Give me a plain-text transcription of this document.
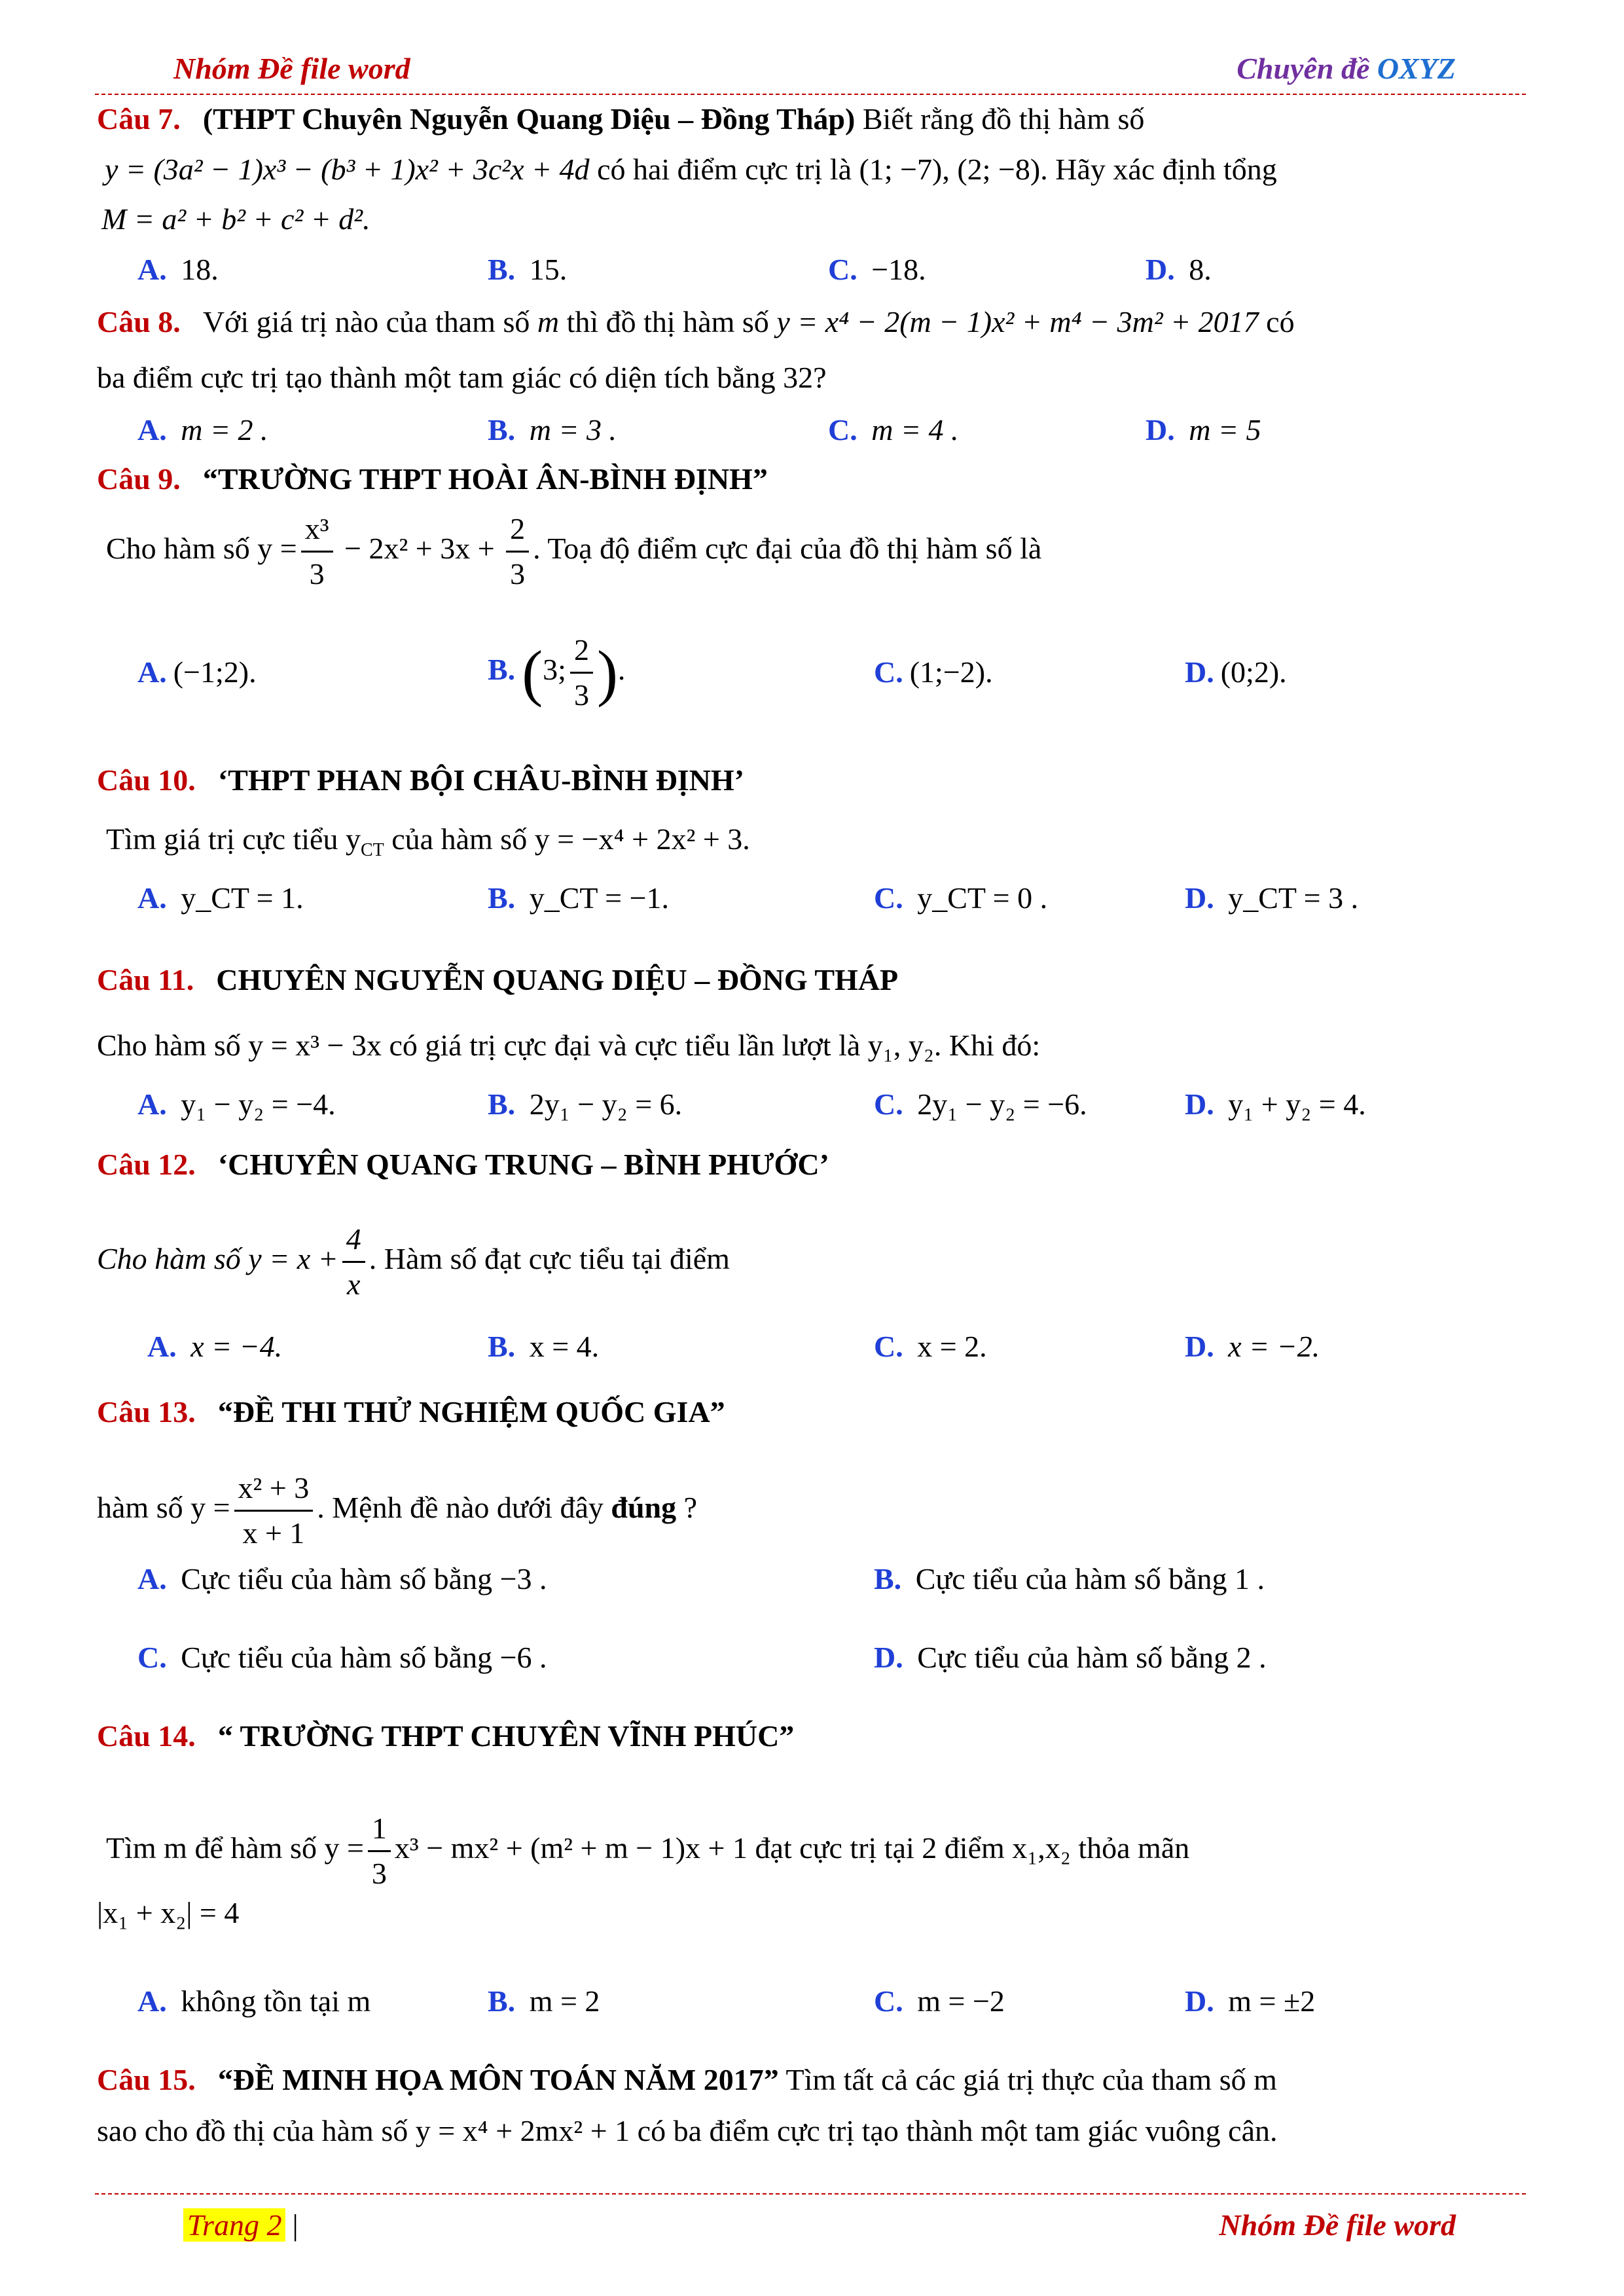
Nhóm Đề file word	Chuyên đề OXYZ
Câu 7. (THPT Chuyên Nguyễn Quang Diệu – Đồng Tháp) Biết rằng đồ thị hàm số
y = (3a² − 1)x³ − (b³ + 1)x² + 3c²x + 4d có hai điểm cực trị là (1; −7), (2; −8). Hãy xác định tổng
M = a² + b² + c² + d².
A. 18.	B. 15.	C. −18.	D. 8.
Câu 8. Với giá trị nào của tham số m thì đồ thị hàm số y = x⁴ − 2(m − 1)x² + m⁴ − 3m² + 2017 có
ba điểm cực trị tạo thành một tam giác có diện tích bằng 32?
A. m = 2 .	B. m = 3 .	C. m = 4 .	D. m = 5
Câu 9. “TRƯỜNG THPT HOÀI ÂN-BÌNH ĐỊNH”
Cho hàm số $y = \frac{\text{x³}}{3} - 2x^2 + 3x + \frac{2}{3}$ . Toạ độ điểm cực đại của đồ thị hàm số là
A. (−1;2).	B. (3; $\frac{2}{3}$ ).	C. (1;−2).	D. (0;2).
Câu 10. ‘THPT PHAN BỘI CHÂU-BÌNH ĐỊNH’
Tìm giá trị cực tiểu $y_{CT}$ của hàm số y = −x⁴ + 2x² + 3.
A. y_CT = 1.	B. y_CT = −1.	C. y_CT = 0 .	D. y_CT = 3 .
Câu 11. CHUYÊN NGUYỄN QUANG DIỆU – ĐỒNG THÁP
Cho hàm số y = x³ − 3x có giá trị cực đại và cực tiểu lần lượt là y₁, y₂. Khi đó:
A. y₁ − y₂ = −4.	B. 2y₁ − y₂ = 6.	C. 2y₁ − y₂ = −6.	D. y₁ + y₂ = 4.
Câu 12. ‘CHUYÊN QUANG TRUNG – BÌNH PHƯỚC’
Cho hàm số $y = x + \frac{4}{x}$ . Hàm số đạt cực tiểu tại điểm
A. x = −4.	B. x = 4.	C. x = 2.	D. x = −2.
Câu 13. “ĐỀ THI THỬ NGHIỆM QUỐC GIA”
hàm số $y = \frac{\text{x² + 3}}{x + 1}$ . Mệnh đề nào dưới đây đúng ?
A. Cực tiểu của hàm số bằng −3 .	B. Cực tiểu của hàm số bằng 1 .
C. Cực tiểu của hàm số bằng −6 .	D. Cực tiểu của hàm số bằng 2 .
Câu 14. “ TRƯỜNG THPT CHUYÊN VĨNH PHÚC”
Tìm m để hàm số $y = \frac{1}{3} x^3 - mx^2 + (m^2 + m - 1)x + 1$ đạt cực trị tại 2 điểm x₁,x₂ thỏa mãn
|x₁ + x₂| = 4
A. không tồn tại m	B. m = 2	C. m = −2	D. m = ±2
Câu 15. “ĐỀ MINH HỌA MÔN TOÁN NĂM 2017” Tìm tất cả các giá trị thực của tham số m
sao cho đồ thị của hàm số y = x⁴ + 2mx² + 1 có ba điểm cực trị tạo thành một tam giác vuông cân.
Trang 2 |	Nhóm Đề file word
